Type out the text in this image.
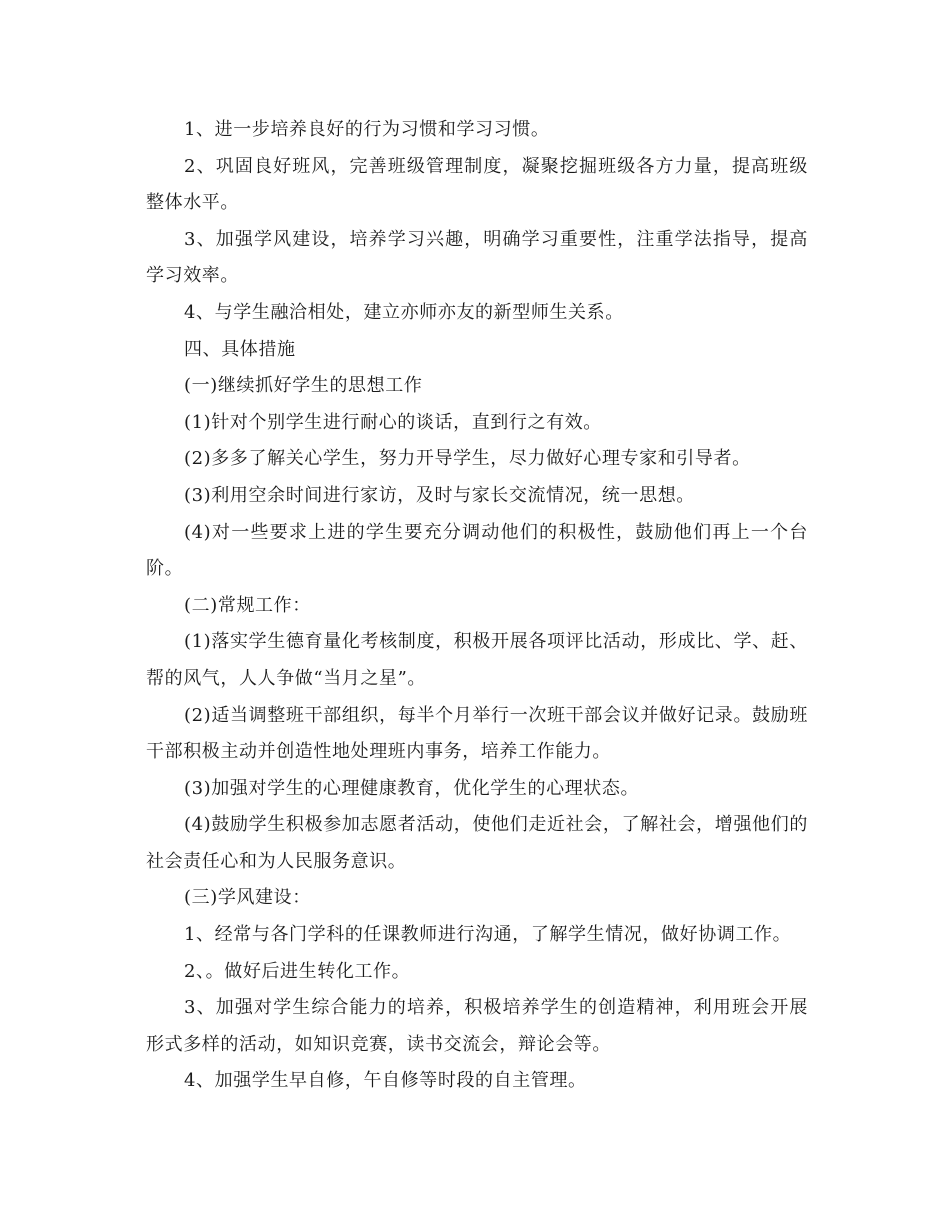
1、进一步培养良好的行为习惯和学习习惯。

2、巩固良好班风，完善班级管理制度，凝聚挖掘班级各方力量，提高班级整体水平。

3、加强学风建设，培养学习兴趣，明确学习重要性，注重学法指导，提高学习效率。

4、与学生融洽相处，建立亦师亦友的新型师生关系。

四、具体措施

(一)继续抓好学生的思想工作

(1)针对个别学生进行耐心的谈话，直到行之有效。

(2)多多了解关心学生，努力开导学生，尽力做好心理专家和引导者。

(3)利用空余时间进行家访，及时与家长交流情况，统一思想。

(4)对一些要求上进的学生要充分调动他们的积极性，鼓励他们再上一个台阶。

(二)常规工作：

(1)落实学生德育量化考核制度，积极开展各项评比活动，形成比、学、赶、帮的风气，人人争做“当月之星”。

(2)适当调整班干部组织，每半个月举行一次班干部会议并做好记录。鼓励班干部积极主动并创造性地处理班内事务，培养工作能力。

(3)加强对学生的心理健康教育，优化学生的心理状态。

(4)鼓励学生积极参加志愿者活动，使他们走近社会，了解社会，增强他们的社会责任心和为人民服务意识。

(三)学风建设：

1、经常与各门学科的任课教师进行沟通，了解学生情况，做好协调工作。

2、。做好后进生转化工作。

3、加强对学生综合能力的培养，积极培养学生的创造精神，利用班会开展形式多样的活动，如知识竞赛，读书交流会，辩论会等。

4、加强学生早自修，午自修等时段的自主管理。
